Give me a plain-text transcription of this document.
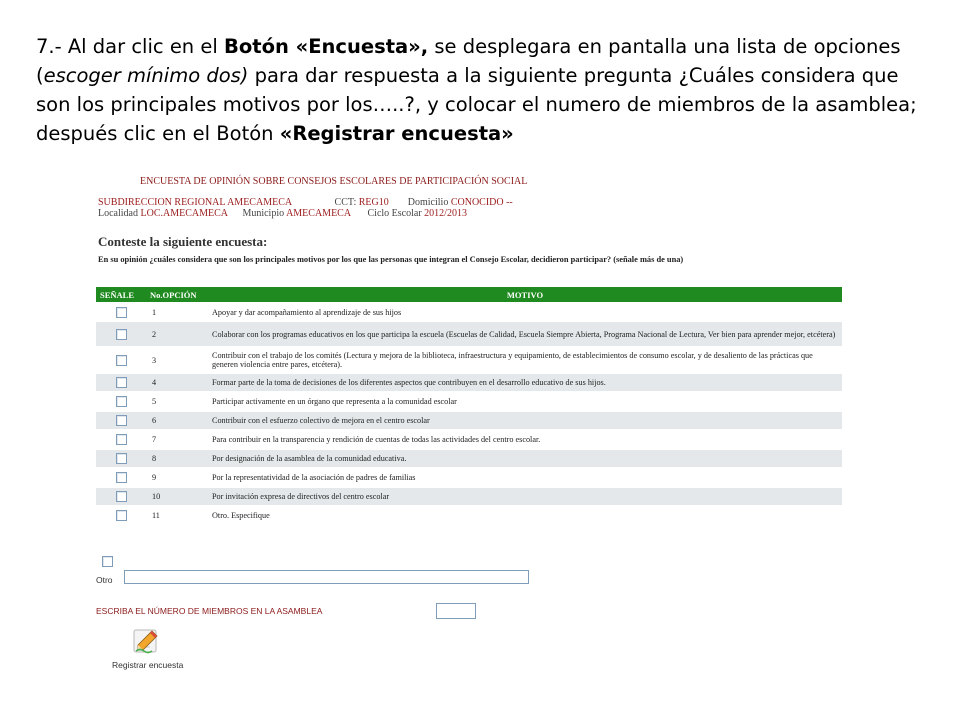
7.- Al dar clic en el Botón «Encuesta», se desplegara en pantalla una lista de opciones (escoger mínimo dos) para dar respuesta a la siguiente pregunta ¿Cuáles considera que son los principales motivos por los…..?, y colocar el numero de miembros de la asamblea; después clic en el Botón «Registrar encuesta»
ENCUESTA DE OPINIÓN SOBRE CONSEJOS ESCOLARES DE PARTICIPACIÓN SOCIAL
SUBDIRECCION REGIONAL AMECAMECA	CCT: REG10 Domicilio CONOCIDO --
Localidad LOC.AMECAMECA Municipio AMECAMECA Ciclo Escolar 2012/2013
Conteste la siguiente encuesta:
En su opinión ¿cuáles considera que son los principales motivos por los que las personas que integran el Consejo Escolar, decidieron participar? (señale más de una)
SEÑALE	No.OPCIÓN	MOTIVO
	1	Apoyar y dar acompañamiento al aprendizaje de sus hijos
	2	Colaborar con los programas educativos en los que participa la escuela (Escuelas de Calidad, Escuela Siempre Abierta, Programa Nacional de Lectura, Ver bien para aprender mejor, etcétera)
	3	Contribuir con el trabajo de los comités (Lectura y mejora de la biblioteca, infraestructura y equipamiento, de establecimientos de consumo escolar, y de desaliento de las prácticas que generen violencia entre pares, etcétera).
	4	Formar parte de la toma de decisiones de los diferentes aspectos que contribuyen en el desarrollo educativo de sus hijos.
	5	Participar activamente en un órgano que representa a la comunidad escolar
	6	Contribuir con el esfuerzo colectivo de mejora en el centro escolar
	7	Para contribuir en la transparencia y rendición de cuentas de todas las actividades del centro escolar.
	8	Por designación de la asamblea de la comunidad educativa.
	9	Por la representatividad de la asociación de padres de familias
	10	Por invitación expresa de directivos del centro escolar
	11	Otro. Especifique
Otro
ESCRIBA EL NÚMERO DE MIEMBROS EN LA ASAMBLEA
Registrar encuesta
